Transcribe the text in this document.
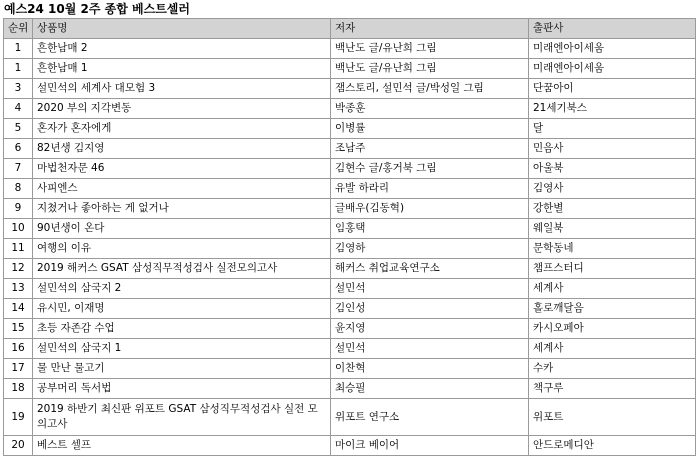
예스24 10월 2주 종합 베스트셀러
순위	상품명	저자	출판사
1	흔한남매 2	백난도 글/유난희 그림	미래엔아이세움
1	흔한남매 1	백난도 글/유난희 그림	미래엔아이세움
3	설민석의 세계사 대모험 3	잼스토리, 설민석 글/박성일 그림	단꿈아이
4	2020 부의 지각변동	박종훈	21세기북스
5	혼자가 혼자에게	이병률	달
6	82년생 김지영	조남주	민음사
7	마법천자문 46	김현수 글/홍거북 그림	아울북
8	사피엔스	유발 하라리	김영사
9	지쳤거나 좋아하는 게 없거나	글배우(김동혁)	강한별
10	90년생이 온다	임홍택	웨일북
11	여행의 이유	김영하	문학동네
12	2019 해커스 GSAT 삼성직무적성검사 실전모의고사	해커스 취업교육연구소	챔프스터디
13	설민석의 삼국지 2	설민석	세계사
14	유시민, 이재명	김인성	홀로깨달음
15	초등 자존감 수업	윤지영	카시오페아
16	설민석의 삼국지 1	설민석	세계사
17	물 만난 물고기	이찬혁	수카
18	공부머리 독서법	최승필	책구루
19	2019 하반기 최신판 위포트 GSAT 삼성직무적성검사 실전 모의고사	위포트 연구소	위포트
20	베스트 셀프	마이크 베이어	안드로메디안
